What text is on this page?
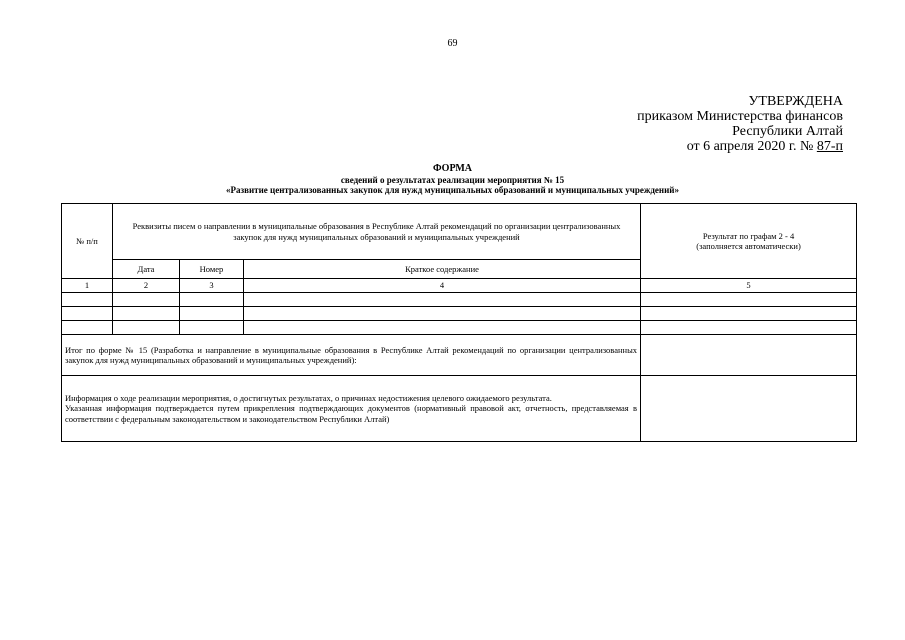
69
УТВЕРЖДЕНА
приказом Министерства финансов
Республики Алтай
от 6 апреля 2020 г. № 87-п
ФОРМА
сведений о результатах реализации мероприятия № 15
«Развитие централизованных закупок для нужд муниципальных образований и муниципальных учреждений»
№ п/п	Реквизиты писем о направлении в муниципальные образования в Республике Алтай рекомендаций по организации централизованных закупок для нужд муниципальных образований и муниципальных учреждений			Результат по графам 2 - 4
(заполняется автоматически)

	Дата	Номер	Краткое содержание	
1	2	3	4	5

Итог по форме № 15 (Разработка и направление в муниципальные образования в Республике Алтай рекомендаций по организации централизованных закупок для нужд муниципальных образований и муниципальных учреждений):				

Информация о ходе реализации мероприятия, о достигнутых результатах, о причинах недостижения целевого ожидаемого результата.
Указанная информация подтверждается путем прикрепления подтверждающих документов (нормативный правовой акт, отчетность, представляемая в соответствии с федеральным законодательством и законодательством Республики Алтай)				
